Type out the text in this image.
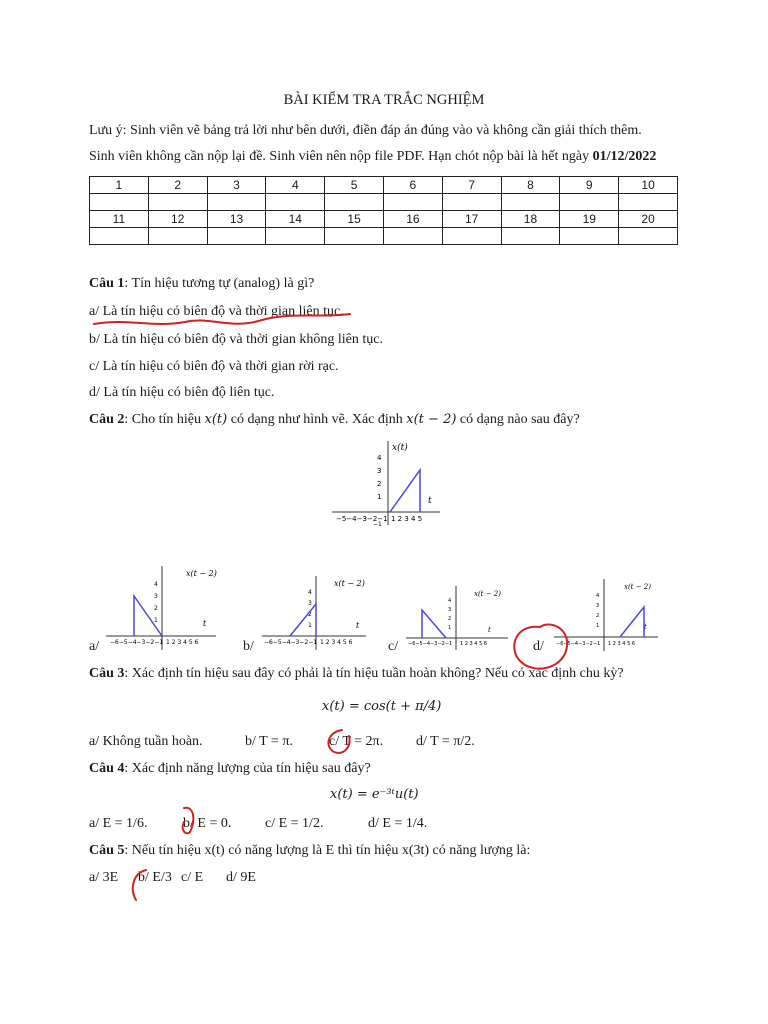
BÀI KIỂM TRA TRẮC NGHIỆM
Lưu ý: Sinh viên vẽ bảng trả lời như bên dưới, điền đáp án đúng vào và không cần giải thích thêm.
Sinh viên không cần nộp lại đề. Sinh viên nên nộp file PDF. Hạn chót nộp bài là hết ngày 01/12/2022
1	2	3	4	5	6	7	8	9	10

11	12	13	14	15	16	17	18	19	20

Câu 1: Tín hiệu tương tự (analog) là gì?
a/ Là tín hiệu có biên độ và thời gian liên tục.
b/ Là tín hiệu có biên độ và thời gian không liên tục.
c/ Là tín hiệu có biên độ và thời gian rời rạc.
d/ Là tín hiệu có biên độ liên tục.
Câu 2: Cho tín hiệu x(t) có dạng như hình vẽ. Xác định x(t − 2) có dạng nào sau đây?
x(t)
t
4
3
2
1
−5−4−3−2−1 1 2 3 4 5
−1
a/
x(t − 2)
t
4
3
2
1
−6−5−4−3−2−1 1 2 3 4 5 6	b/
x(t − 2)
t
4
3
2
1
−6−5−4−3−2−1 1 2 3 4 5 6	c/
x(t − 2)
t
4
3
2
1
−6−5−4−3−2−1 1 2 3 4 5 6	d/
x(t − 2)
t
4
3
2
1
−6−5−4−3−2−1 1 2 3 4 5 6
Câu 3: Xác định tín hiệu sau đây có phải là tín hiệu tuần hoàn không? Nếu có xác định chu kỳ?
x(t) = cos(t + π/4)
a/ Không tuần hoàn.	b/ T = π.	c/ T = 2π. d/ T = π/2.
Câu 4: Xác định năng lượng của tín hiệu sau đây?
x(t) = e⁻³ᵗu(t)
a/ E = 1/6.	b/ E = 0. c/ E = 1/2.	d/ E = 1/4.
Câu 5: Nếu tín hiệu x(t) có năng lượng là E thì tín hiệu x(3t) có năng lượng là:
a/ 3E b/ E/3 c/ E d/ 9E
